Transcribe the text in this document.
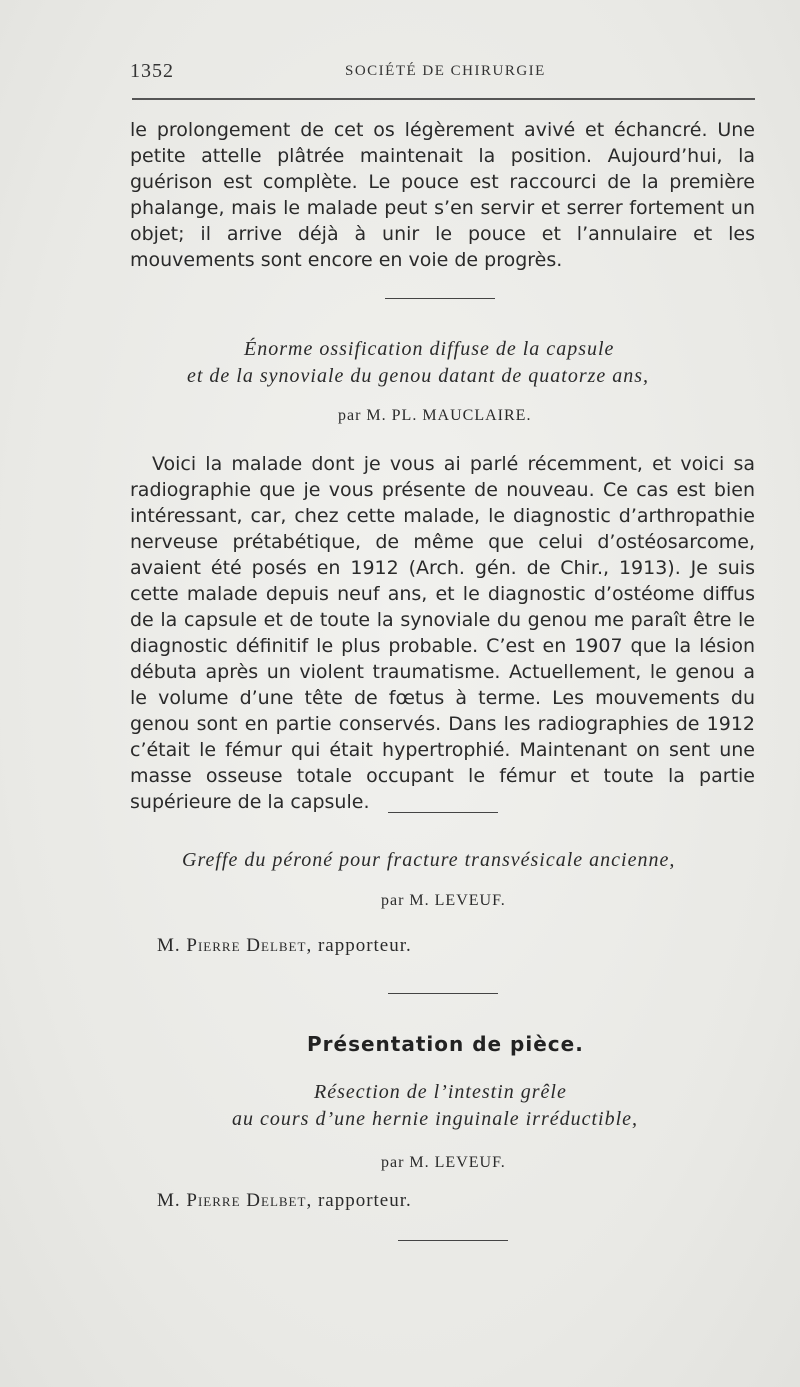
1352	SOCIÉTÉ DE CHIRURGIE

le prolongement de cet os légèrement avivé et échancré. Une petite attelle plâtrée maintenait la position. Aujourd’hui, la guérison est complète. Le pouce est raccourci de la première phalange, mais le malade peut s’en servir et serrer fortement un objet; il arrive déjà à unir le pouce et l’annulaire et les mouvements sont encore en voie de progrès.

Énorme ossification diffuse de la capsule

et de la synoviale du genou datant de quatorze ans,

par M. PL. MAUCLAIRE.

Voici la malade dont je vous ai parlé récemment, et voici sa radiographie que je vous présente de nouveau. Ce cas est bien intéressant, car, chez cette malade, le diagnostic d’arthropathie nerveuse prétabétique, de même que celui d’ostéosarcome, avaient été posés en 1912 (Arch. gén. de Chir., 1913). Je suis cette malade depuis neuf ans, et le diagnostic d’ostéome diffus de la capsule et de toute la synoviale du genou me paraît être le diagnostic définitif le plus probable. C’est en 1907 que la lésion débuta après un violent traumatisme. Actuellement, le genou a le volume d’une tête de fœtus à terme. Les mouvements du genou sont en partie conservés. Dans les radiographies de 1912 c’était le fémur qui était hypertrophié. Maintenant on sent une masse osseuse totale occupant le fémur et toute la partie supérieure de la capsule.

Greffe du péroné pour fracture transvésicale ancienne,

par M. LEVEUF.
M. Pierre Delbet, rapporteur.
Présentation de pièce.

Résection de l’intestin grêle

au cours d’une hernie inguinale irréductible,

par M. LEVEUF.
M. Pierre Delbet, rapporteur.
